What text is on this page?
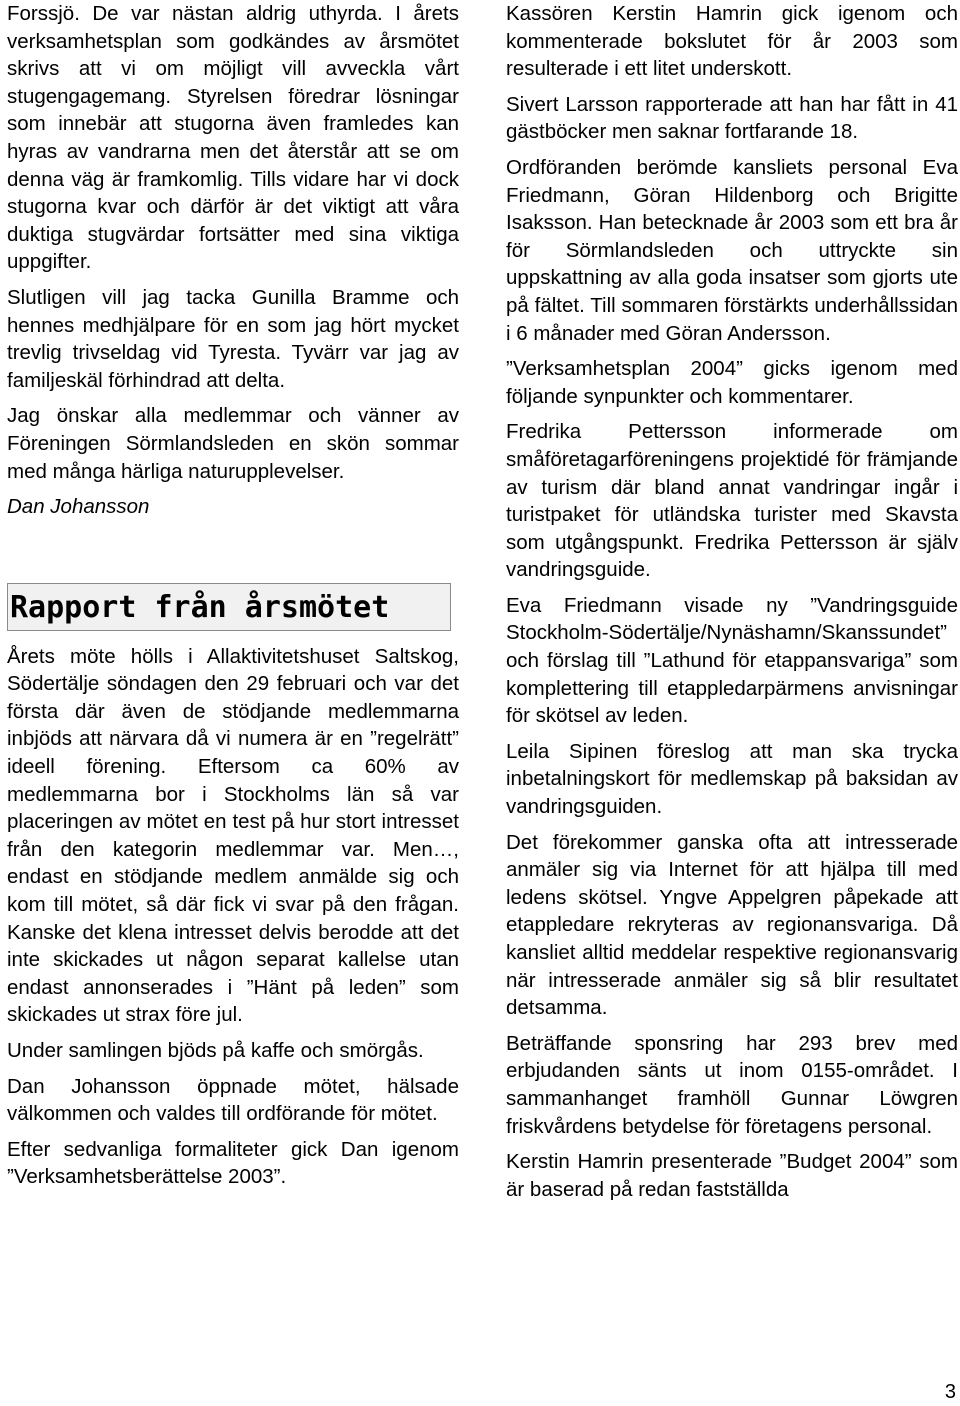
Forssjö. De var nästan aldrig uthyrda. I årets verksamhetsplan som godkändes av årsmötet skrivs att vi om möjligt vill avveckla vårt stugengagemang. Styrelsen föredrar lösningar som innebär att stugorna även framledes kan hyras av vandrarna men det återstår att se om denna väg är framkomlig. Tills vidare har vi dock stugorna kvar och därför är det viktigt att våra duktiga stugvärdar fortsätter med sina viktiga uppgifter.

Slutligen vill jag tacka Gunilla Bramme och hennes medhjälpare för en som jag hört mycket trevlig trivseldag vid Tyresta. Tyvärr var jag av familjeskäl förhindrad att delta.

Jag önskar alla medlemmar och vänner av Föreningen Sörmlandsleden en skön sommar med många härliga naturupplevelser.

Dan Johansson

Rapport från årsmötet

Årets möte hölls i Allaktivitetshuset Saltskog, Södertälje söndagen den 29 februari och var det första där även de stödjande medlemmarna inbjöds att närvara då vi numera är en ”regelrätt” ideell förening. Eftersom ca 60% av medlemmarna bor i Stockholms län så var placeringen av mötet en test på hur stort intresset från den kategorin medlemmar var. Men…, endast en stödjande medlem anmälde sig och kom till mötet, så där fick vi svar på den frågan. Kanske det klena intresset delvis berodde att det inte skickades ut någon separat kallelse utan endast annonserades i ”Hänt på leden” som skickades ut strax före jul.

Under samlingen bjöds på kaffe och smörgås.

Dan Johansson öppnade mötet, hälsade välkommen och valdes till ordförande för mötet.

Efter sedvanliga formaliteter gick Dan igenom ”Verksamhetsberättelse 2003”.

Kassören Kerstin Hamrin gick igenom och kommenterade bokslutet för år 2003 som resulterade i ett litet underskott.

Sivert Larsson rapporterade att han har fått in 41 gästböcker men saknar fortfarande 18.

Ordföranden berömde kansliets personal Eva Friedmann, Göran Hildenborg och Brigitte Isaksson. Han betecknade år 2003 som ett bra år för Sörmlandsleden och uttryckte sin uppskattning av alla goda insatser som gjorts ute på fältet. Till sommaren förstärkts underhållssidan i 6 månader med Göran Andersson.

”Verksamhetsplan 2004” gicks igenom med följande synpunkter och kommentarer.

Fredrika Pettersson informerade om småföretagarföreningens projektidé för främjande av turism där bland annat vandringar ingår i turistpaket för utländska turister med Skavsta som utgångspunkt. Fredrika Pettersson är själv vandringsguide.

Eva Friedmann visade ny ”Vandringsguide Stockholm-Södertälje/Nynäshamn/Skanssundet” och förslag till ”Lathund för etappansvariga” som komplettering till etappledarpärmens anvisningar för skötsel av leden.

Leila Sipinen föreslog att man ska trycka inbetalningskort för medlemskap på baksidan av vandringsguiden.

Det förekommer ganska ofta att intresserade anmäler sig via Internet för att hjälpa till med ledens skötsel. Yngve Appelgren påpekade att etappledare rekryteras av regionansvariga. Då kansliet alltid meddelar respektive regionansvarig när intresserade anmäler sig så blir resultatet detsamma.

Beträffande sponsring har 293 brev med erbjudanden sänts ut inom 0155-området. I sammanhanget framhöll Gunnar Löwgren friskvårdens betydelse för företagens personal.

Kerstin Hamrin presenterade ”Budget 2004” som är baserad på redan fastställda

3
